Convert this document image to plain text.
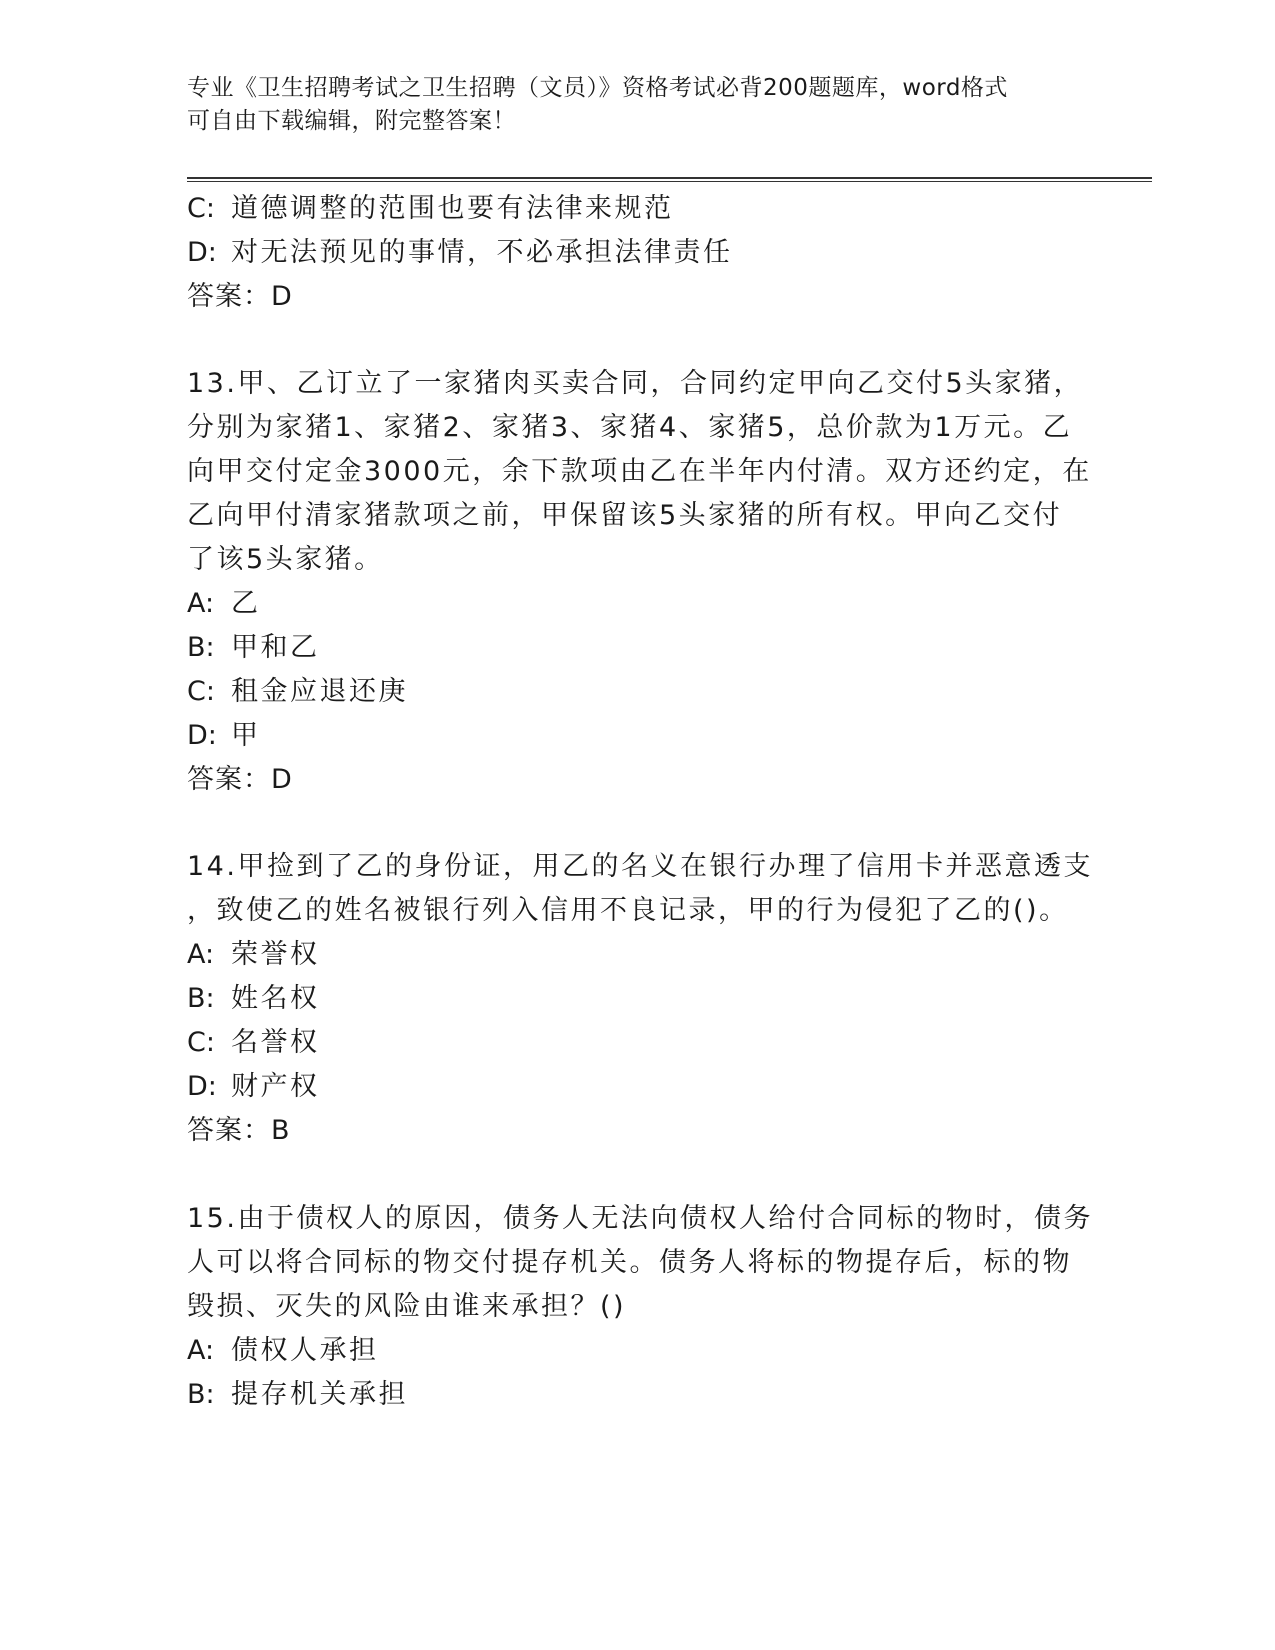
专业《卫生招聘考试之卫生招聘（文员）》资格考试必背200题题库，word格式
可自由下载编辑，附完整答案！
C: 道德调整的范围也要有法律来规范
D: 对无法预见的事情，不必承担法律责任
答案：D
13.甲、乙订立了一家猪肉买卖合同，合同约定甲向乙交付5头家猪，
分别为家猪1、家猪2、家猪3、家猪4、家猪5，总价款为1万元。乙
向甲交付定金3000元，余下款项由乙在半年内付清。双方还约定，在
乙向甲付清家猪款项之前，甲保留该5头家猪的所有权。甲向乙交付
了该5头家猪。
A: 乙
B: 甲和乙
C: 租金应退还庚
D: 甲
答案：D
14.甲捡到了乙的身份证，用乙的名义在银行办理了信用卡并恶意透支
，致使乙的姓名被银行列入信用不良记录，甲的行为侵犯了乙的()。
A: 荣誉权
B: 姓名权
C: 名誉权
D: 财产权
答案：B
15.由于债权人的原因，债务人无法向债权人给付合同标的物时，债务
人可以将合同标的物交付提存机关。债务人将标的物提存后，标的物
毁损、灭失的风险由谁来承担？()
A: 债权人承担
B: 提存机关承担
